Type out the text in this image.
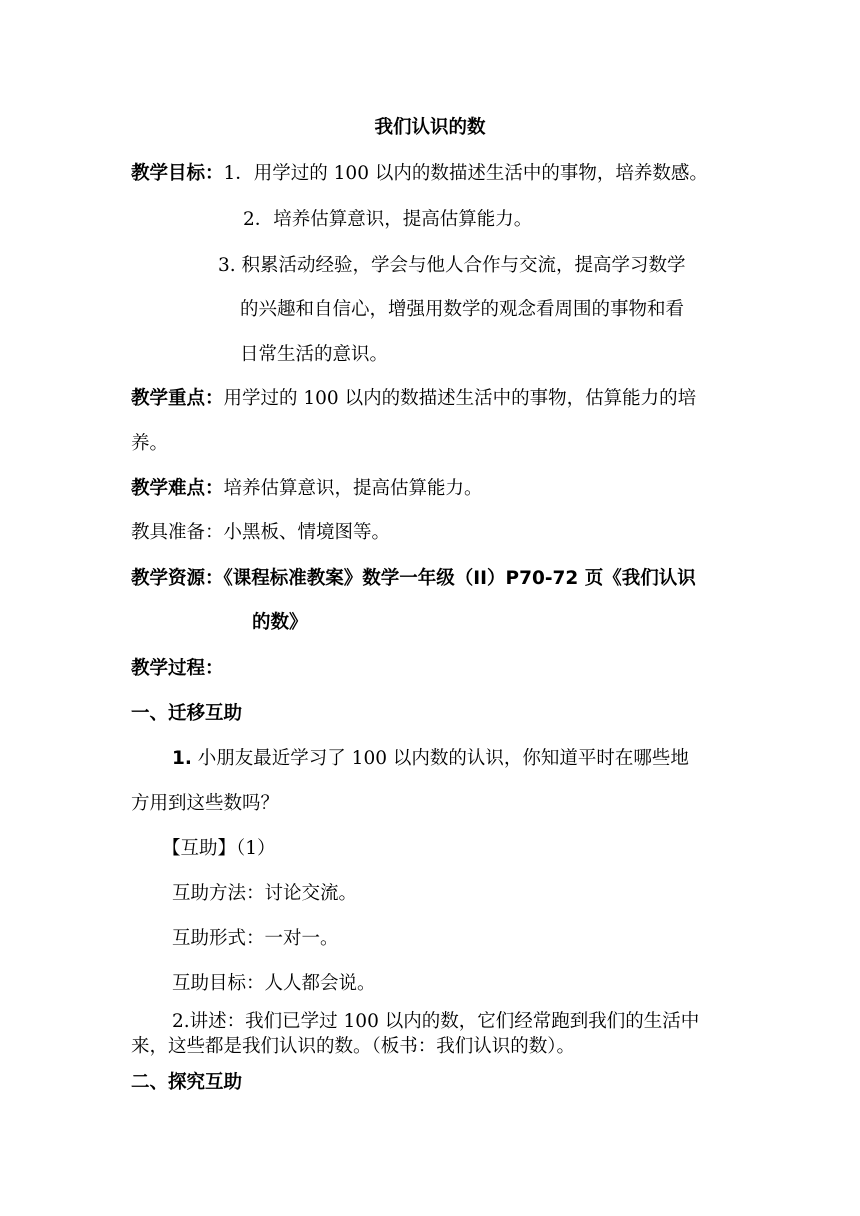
我们认识的数
教学目标：1．用学过的 100 以内的数描述生活中的事物，培养数感。
2．培养估算意识，提高估算能力。
3. 积累活动经验，学会与他人合作与交流，提高学习数学
的兴趣和自信心，增强用数学的观念看周围的事物和看
日常生活的意识。
教学重点：用学过的 100 以内的数描述生活中的事物，估算能力的培
养。
教学难点：培养估算意识，提高估算能力。
教具准备：小黑板、情境图等。
教学资源：《课程标准教案》数学一年级（II）P70-72 页《我们认识
的数》
教学过程：
一、迁移互助
1. 小朋友最近学习了 100 以内数的认识，你知道平时在哪些地
方用到这些数吗？
【互助】（1）
互助方法：讨论交流。
互助形式：一对一。
互助目标：人人都会说。
2.讲述：我们已学过 100 以内的数，它们经常跑到我们的生活中
来，这些都是我们认识的数。（板书：我们认识的数）。
二、探究互助
